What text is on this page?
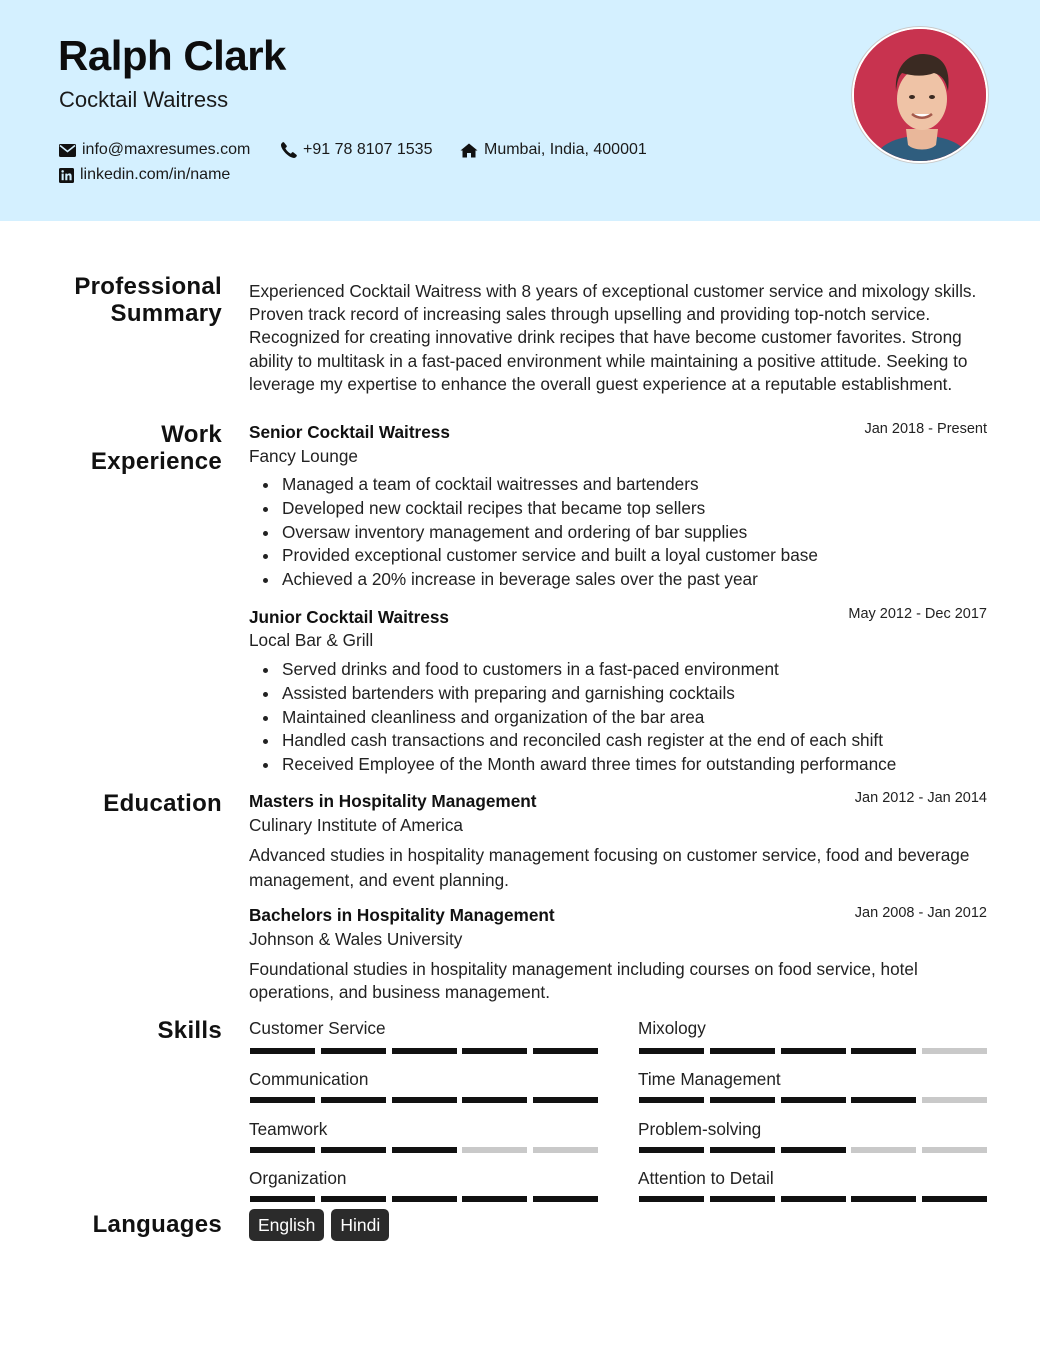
Ralph Clark
Cocktail Waitress
info@maxresumes.com	+91 78 8107 1535	Mumbai, India, 400001
linkedin.com/in/name
Professional
Summary
Experienced Cocktail Waitress with 8 years of exceptional customer service and mixology skills. Proven track record of increasing sales through upselling and providing top-notch service. Recognized for creating innovative drink recipes that have become customer favorites. Strong ability to multitask in a fast-paced environment while maintaining a positive attitude. Seeking to leverage my expertise to enhance the overall guest experience at a reputable establishment.
Work
Experience
Senior Cocktail Waitress	Jan 2018 - Present
Fancy Lounge
Managed a team of cocktail waitresses and bartenders
Developed new cocktail recipes that became top sellers
Oversaw inventory management and ordering of bar supplies
Provided exceptional customer service and built a loyal customer base
Achieved a 20% increase in beverage sales over the past year
Junior Cocktail Waitress	May 2012 - Dec 2017
Local Bar & Grill
Served drinks and food to customers in a fast-paced environment
Assisted bartenders with preparing and garnishing cocktails
Maintained cleanliness and organization of the bar area
Handled cash transactions and reconciled cash register at the end of each shift
Received Employee of the Month award three times for outstanding performance
Education Masters in Hospitality Management	Jan 2012 - Jan 2014
Culinary Institute of America
Advanced studies in hospitality management focusing on customer service, food and beverage management, and event planning.
Bachelors in Hospitality Management	Jan 2008 - Jan 2012
Johnson & Wales University
Foundational studies in hospitality management including courses on food service, hotel operations, and business management.
Skills Customer Service	Mixology
Communication	Time Management
Teamwork	Problem-solving
Organization	Attention to Detail
Languages	English	Hindi
